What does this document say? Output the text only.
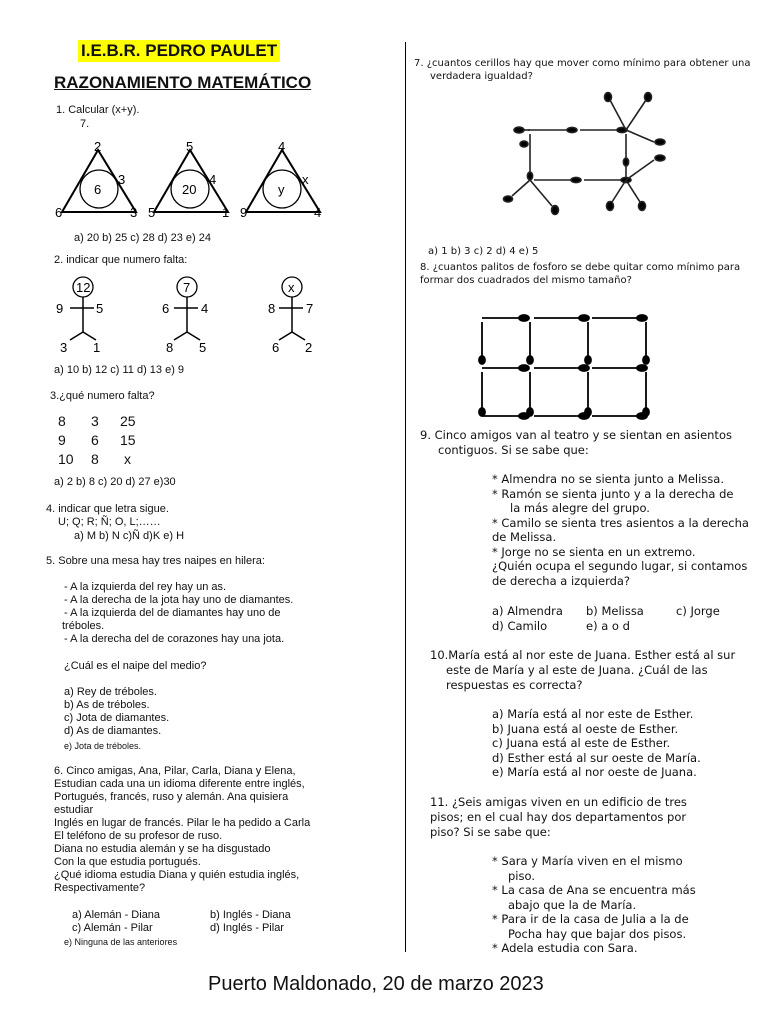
I.E.B.R. PEDRO PAULET
RAZONAMIENTO MATEMÁTICO
1. Calcular (x+y).
7.
2
3
6	3
6
5
4
5	1
20
4
x
9	4
y
a) 20 b) 25 c) 28 d) 23 e) 24
2. indicar que numero falta:
12
9	5
3 1
7
6 4
8 5
x
8 7
6 2
a) 10 b) 12 c) 11 d) 13 e) 9
3.¿qué numero falta?
8 3 25
9 6 15
10 8 x
a) 2 b) 8 c) 20 d) 27 e)30
4. indicar que letra sigue.
U; Q; R; Ñ; O, L;……
a) M b) N c)Ñ d)K e) H
5. Sobre una mesa hay tres naipes en hilera:
- A la izquierda del rey hay un as.
- A la derecha de la jota hay uno de diamantes.
- A la izquierda del de diamantes hay uno de
tréboles.
- A la derecha del de corazones hay una jota.
¿Cuál es el naipe del medio?
a) Rey de tréboles.
b) As de tréboles.
c) Jota de diamantes.
d) As de diamantes.
e) Jota de tréboles.
6. Cinco amigas, Ana, Pilar, Carla, Diana y Elena,
Estudian cada una un idioma diferente entre inglés,
Portugués, francés, ruso y alemán. Ana quisiera
estudiar
Inglés en lugar de francés. Pilar le ha pedido a Carla
El teléfono de su profesor de ruso.
Diana no estudia alemán y se ha disgustado
Con la que estudia portugués.
¿Qué idioma estudia Diana y quién estudia inglés,
Respectivamente?
a) Alemán - Diana	b) Inglés - Diana
c) Alemán - Pilar	d) Inglés - Pilar
e) Ninguna de las anteriores
7. ¿cuantos cerillos hay que mover como mínimo para obtener una
verdadera igualdad?
a) 1 b) 3 c) 2 d) 4 e) 5
8. ¿cuantos palitos de fosforo se debe quitar como mínimo para
formar dos cuadrados del mismo tamaño?
9. Cinco amigos van al teatro y se sientan en asientos
contiguos. Si se sabe que:
* Almendra no se sienta junto a Melissa.
* Ramón se sienta junto y a la derecha de
la más alegre del grupo.
* Camilo se sienta tres asientos a la derecha
de Melissa.
* Jorge no se sienta en un extremo.
¿Quién ocupa el segundo lugar, si contamos
de derecha a izquierda?
a) Almendra b) Melissa	c) Jorge
d) Camilo	e) a o d
10.María está al nor este de Juana. Esther está al sur
este de María y al este de Juana. ¿Cuál de las
respuestas es correcta?
a) María está al nor este de Esther.
b) Juana está al oeste de Esther.
c) Juana está al este de Esther.
d) Esther está al sur oeste de María.
e) María está al nor oeste de Juana.
11. ¿Seis amigas viven en un edificio de tres
pisos; en el cual hay dos departamentos por
piso? Si se sabe que:
* Sara y María viven en el mismo
piso.
* La casa de Ana se encuentra más
abajo que la de María.
* Para ir de la casa de Julia a la de
Pocha hay que bajar dos pisos.
* Adela estudia con Sara.
Puerto Maldonado, 20 de marzo 2023
